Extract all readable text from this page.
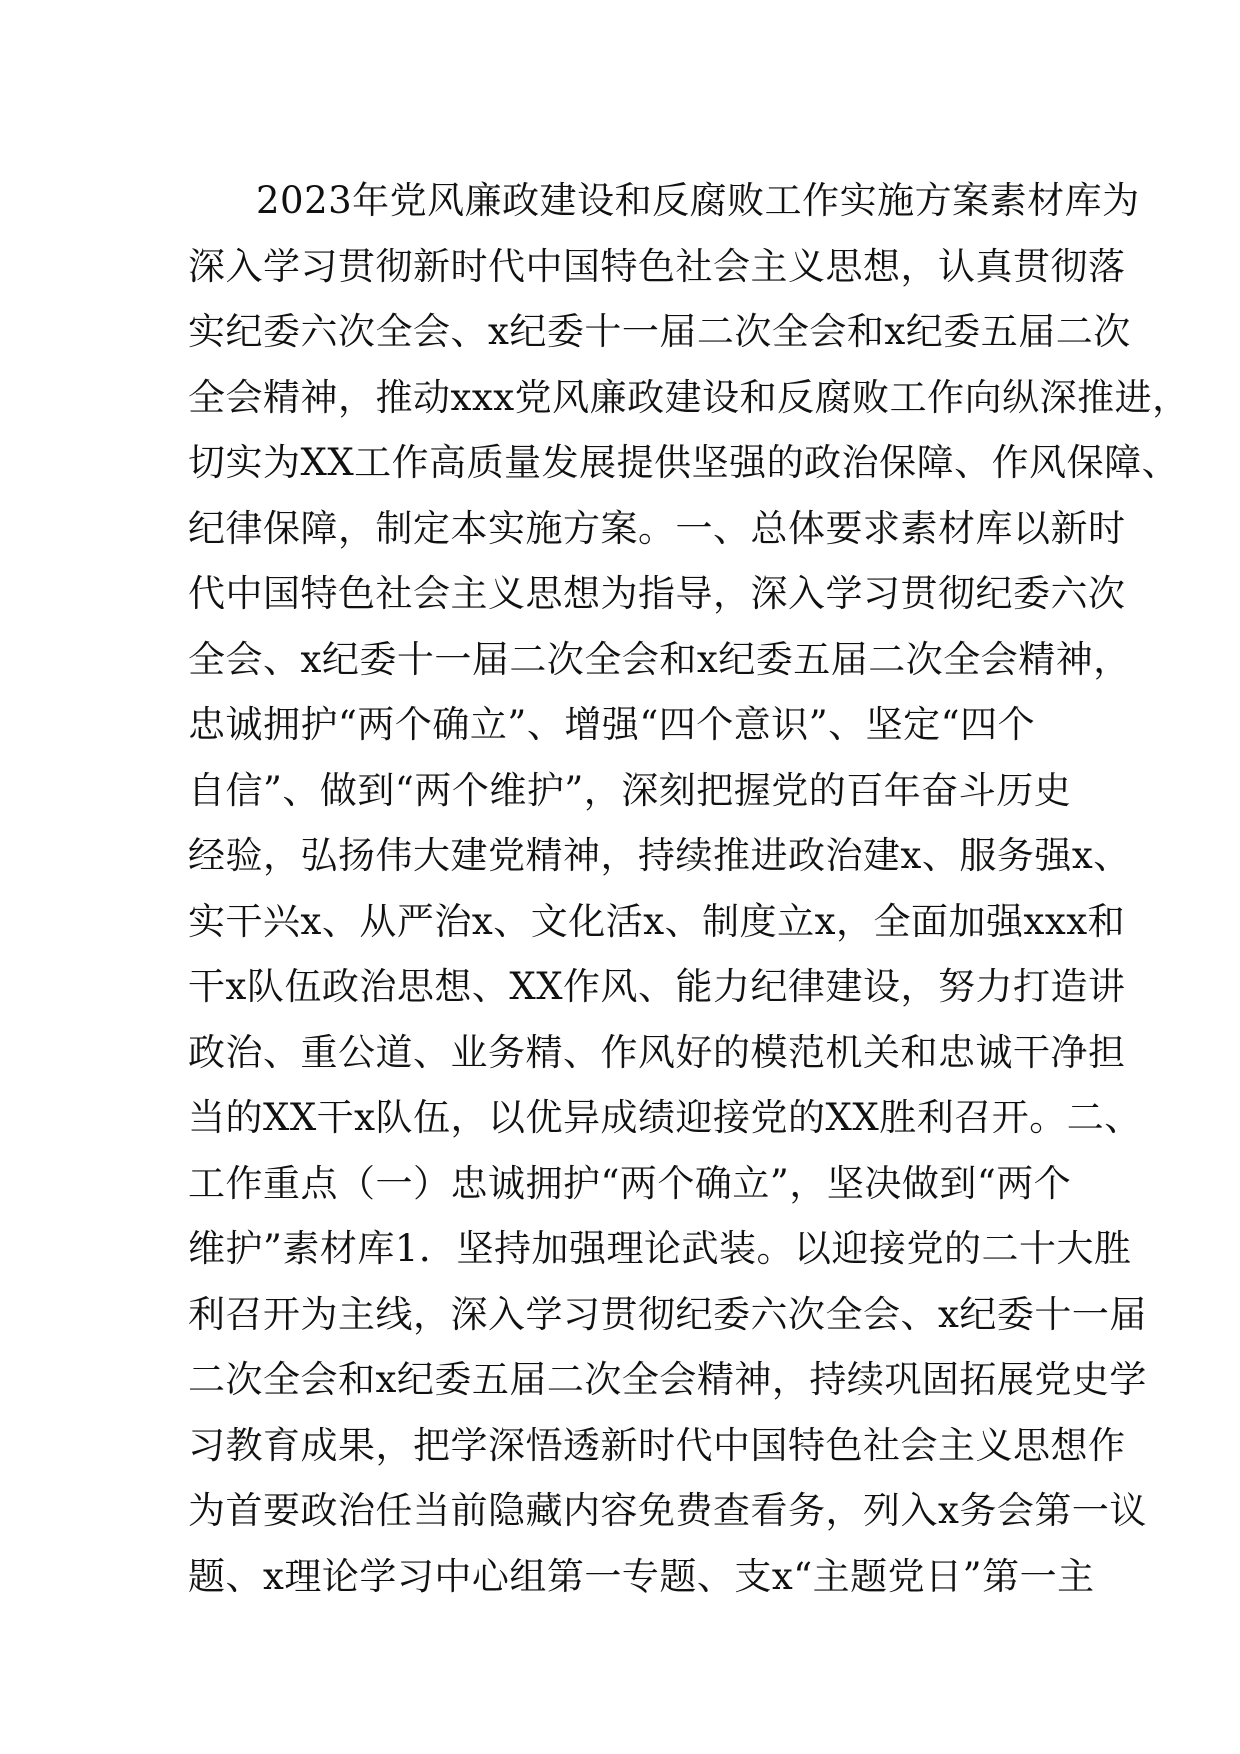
2023年党风廉政建设和反腐败工作实施方案素材库为
深入学习贯彻新时代中国特色社会主义思想，认真贯彻落
实纪委六次全会、x纪委十一届二次全会和x纪委五届二次
全会精神，推动xxx党风廉政建设和反腐败工作向纵深推进，
切实为XX工作高质量发展提供坚强的政治保障、作风保障、
纪律保障，制定本实施方案。一、总体要求素材库以新时
代中国特色社会主义思想为指导，深入学习贯彻纪委六次
全会、x纪委十一届二次全会和x纪委五届二次全会精神，
忠诚拥护“两个确立”、增强“四个意识”、坚定“四个
自信”、做到“两个维护”，深刻把握党的百年奋斗历史
经验，弘扬伟大建党精神，持续推进政治建x、服务强x、
实干兴x、从严治x、文化活x、制度立x，全面加强xxx和
干x队伍政治思想、XX作风、能力纪律建设，努力打造讲
政治、重公道、业务精、作风好的模范机关和忠诚干净担
当的XX干x队伍，以优异成绩迎接党的XX胜利召开。二、
工作重点（一）忠诚拥护“两个确立”，坚决做到“两个
维护”素材库1．坚持加强理论武装。以迎接党的二十大胜
利召开为主线，深入学习贯彻纪委六次全会、x纪委十一届
二次全会和x纪委五届二次全会精神，持续巩固拓展党史学
习教育成果，把学深悟透新时代中国特色社会主义思想作
为首要政治任当前隐藏内容免费查看务，列入x务会第一议
题、x理论学习中心组第一专题、支x“主题党日”第一主
